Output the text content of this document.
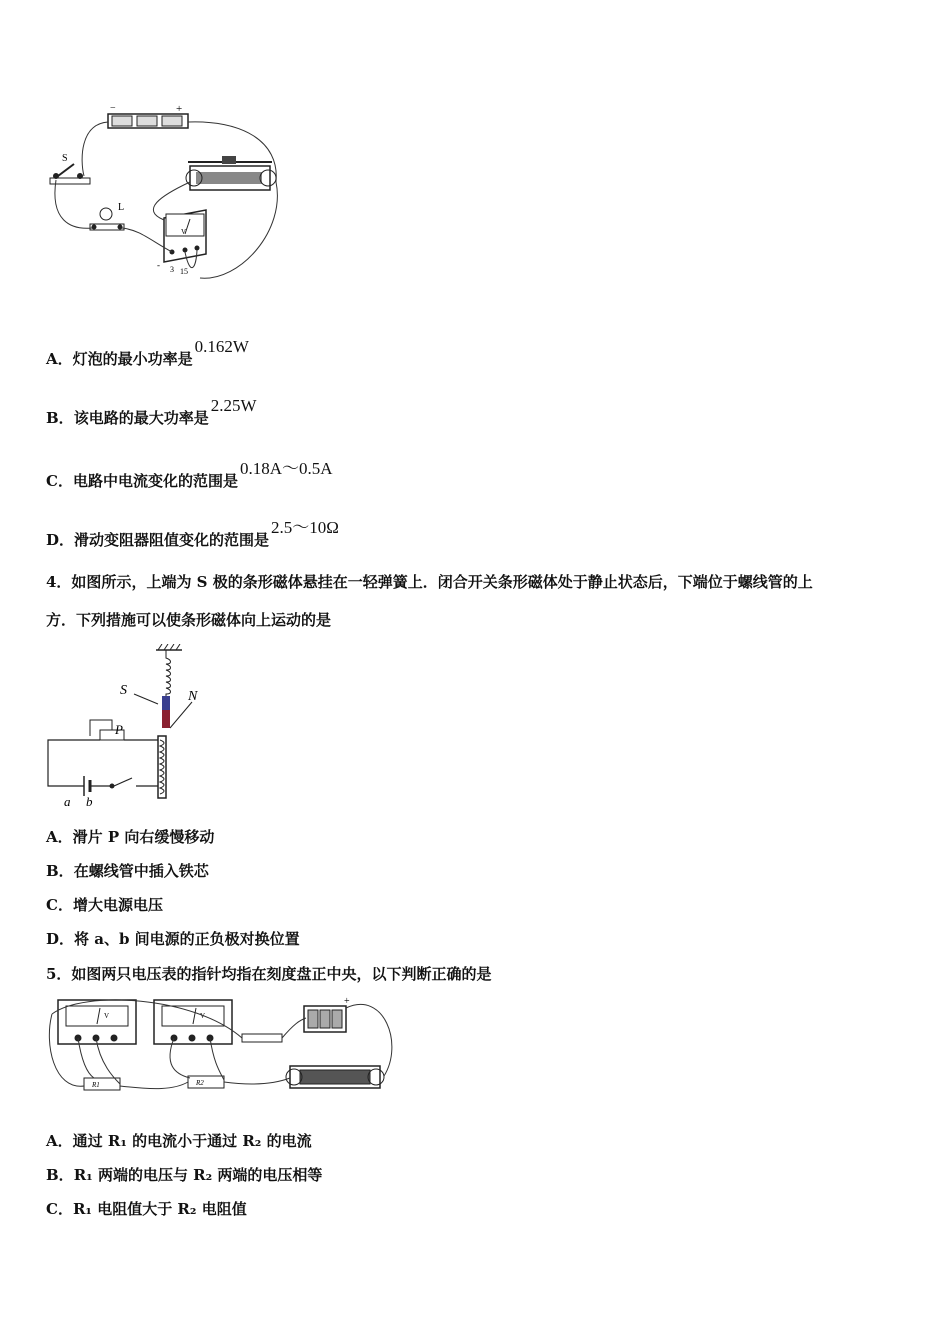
−	+
S
L
V
- 3 15
A．灯泡的最小功率是0.162W
B．该电路的最大功率是2.25W
C．电路中电流变化的范围是0.18A～0.5A
D．滑动变阻器阻值变化的范围是2.5～10Ω
4．如图所示，上端为 S 极的条形磁体悬挂在一轻弹簧上．闭合开关条形磁体处于静止状态后，下端位于螺线管的上
方．下列措施可以使条形磁体向上运动的是
S	N
P
a b
A．滑片 P 向右缓慢移动
B．在螺线管中插入铁芯
C．增大电源电压
D．将 a、b 间电源的正负极对换位置
5．如图两只电压表的指针均指在刻度盘正中央，以下判断正确的是
V	V
+
R1	R2
A．通过 R₁ 的电流小于通过 R₂ 的电流
B．R₁ 两端的电压与 R₂ 两端的电压相等
C．R₁ 电阻值大于 R₂ 电阻值
